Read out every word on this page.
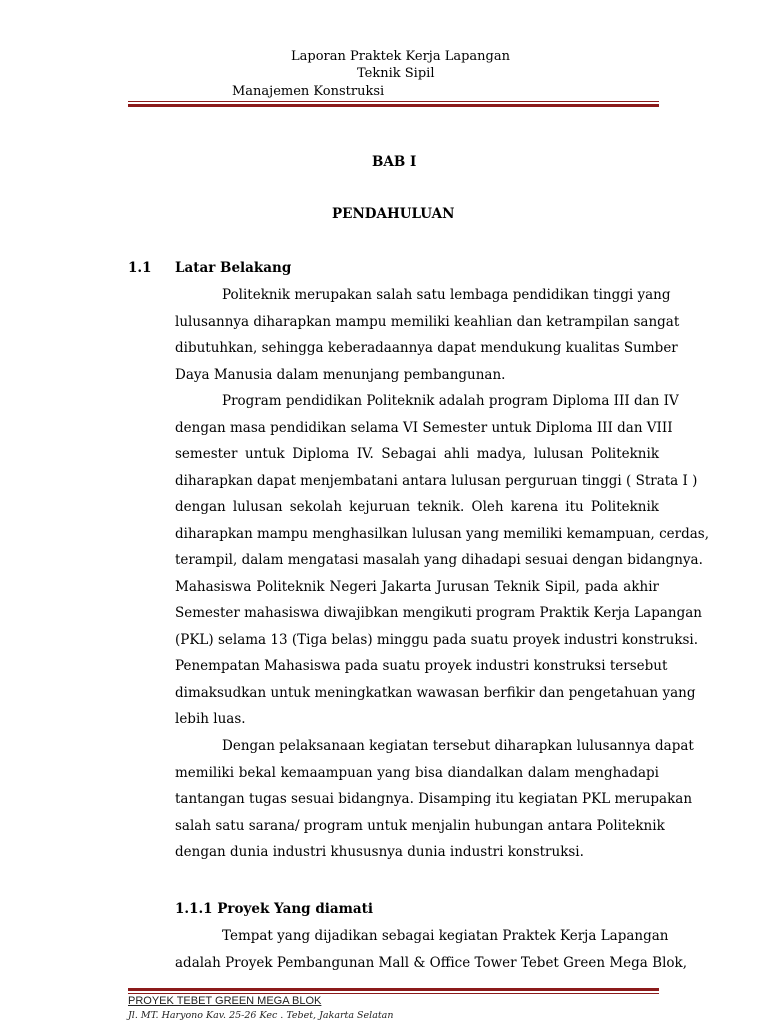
Laporan Praktek Kerja Lapangan
Teknik Sipil
Manajemen Konstruksi
BAB I
PENDAHULUAN
1.1 Latar Belakang

Politeknik merupakan salah satu lembaga pendidikan tinggi yang

lulusannya diharapkan mampu memiliki keahlian dan ketrampilan sangat

dibutuhkan, sehingga keberadaannya dapat mendukung kualitas Sumber

Daya Manusia dalam menunjang pembangunan.

Program pendidikan Politeknik adalah program Diploma III dan IV

dengan masa pendidikan selama VI Semester untuk Diploma III dan VIII

semester untuk Diploma IV. Sebagai ahli madya, lulusan Politeknik

diharapkan dapat menjembatani antara lulusan perguruan tinggi ( Strata I )

dengan lulusan sekolah kejuruan teknik. Oleh karena itu Politeknik

diharapkan mampu menghasilkan lulusan yang memiliki kemampuan, cerdas,

terampil, dalam mengatasi masalah yang dihadapi sesuai dengan bidangnya.

Mahasiswa Politeknik Negeri Jakarta Jurusan Teknik Sipil, pada akhir

Semester mahasiswa diwajibkan mengikuti program Praktik Kerja Lapangan

(PKL) selama 13 (Tiga belas) minggu pada suatu proyek industri konstruksi.

Penempatan Mahasiswa pada suatu proyek industri konstruksi tersebut

dimaksudkan untuk meningkatkan wawasan berfikir dan pengetahuan yang

lebih luas.

Dengan pelaksanaan kegiatan tersebut diharapkan lulusannya dapat

memiliki bekal kemaampuan yang bisa diandalkan dalam menghadapi

tantangan tugas sesuai bidangnya. Disamping itu kegiatan PKL merupakan

salah satu sarana/ program untuk menjalin hubungan antara Politeknik

dengan dunia industri khususnya dunia industri konstruksi.

1.1.1 Proyek Yang diamati

Tempat yang dijadikan sebagai kegiatan Praktek Kerja Lapangan

adalah Proyek Pembangunan Mall & Office Tower Tebet Green Mega Blok,

PROYEK TEBET GREEN MEGA BLOK
Jl. MT. Haryono Kav. 25-26 Kec . Tebet, Jakarta Selatan
